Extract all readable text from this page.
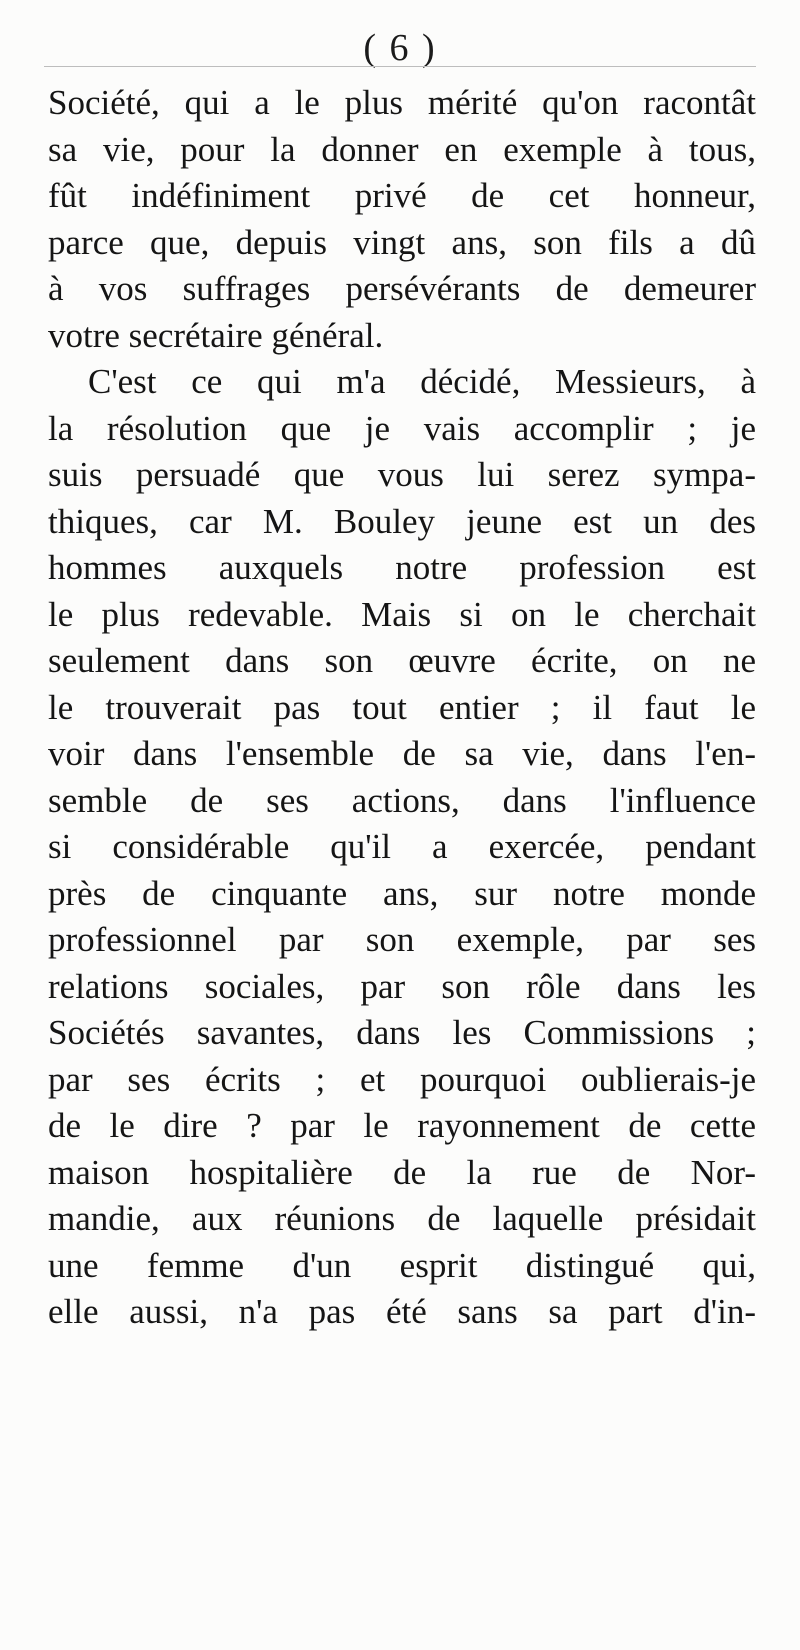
( 6 )
Société, qui a le plus mérité qu'on racontât
sa vie, pour la donner en exemple à tous,
fût indéfiniment privé de cet honneur,
parce que, depuis vingt ans, son fils a dû
à vos suffrages persévérants de demeurer
votre secrétaire général.
C'est ce qui m'a décidé, Messieurs, à
la résolution que je vais accomplir ; je
suis persuadé que vous lui serez sympa-
thiques, car M. Bouley jeune est un des
hommes auxquels notre profession est
le plus redevable. Mais si on le cherchait
seulement dans son œuvre écrite, on ne
le trouverait pas tout entier ; il faut le
voir dans l'ensemble de sa vie, dans l'en-
semble de ses actions, dans l'influence
si considérable qu'il a exercée, pendant
près de cinquante ans, sur notre monde
professionnel par son exemple, par ses
relations sociales, par son rôle dans les
Sociétés savantes, dans les Commissions ;
par ses écrits ; et pourquoi oublierais-je
de le dire ? par le rayonnement de cette
maison hospitalière de la rue de Nor-
mandie, aux réunions de laquelle présidait
une femme d'un esprit distingué qui,
elle aussi, n'a pas été sans sa part d'in-
